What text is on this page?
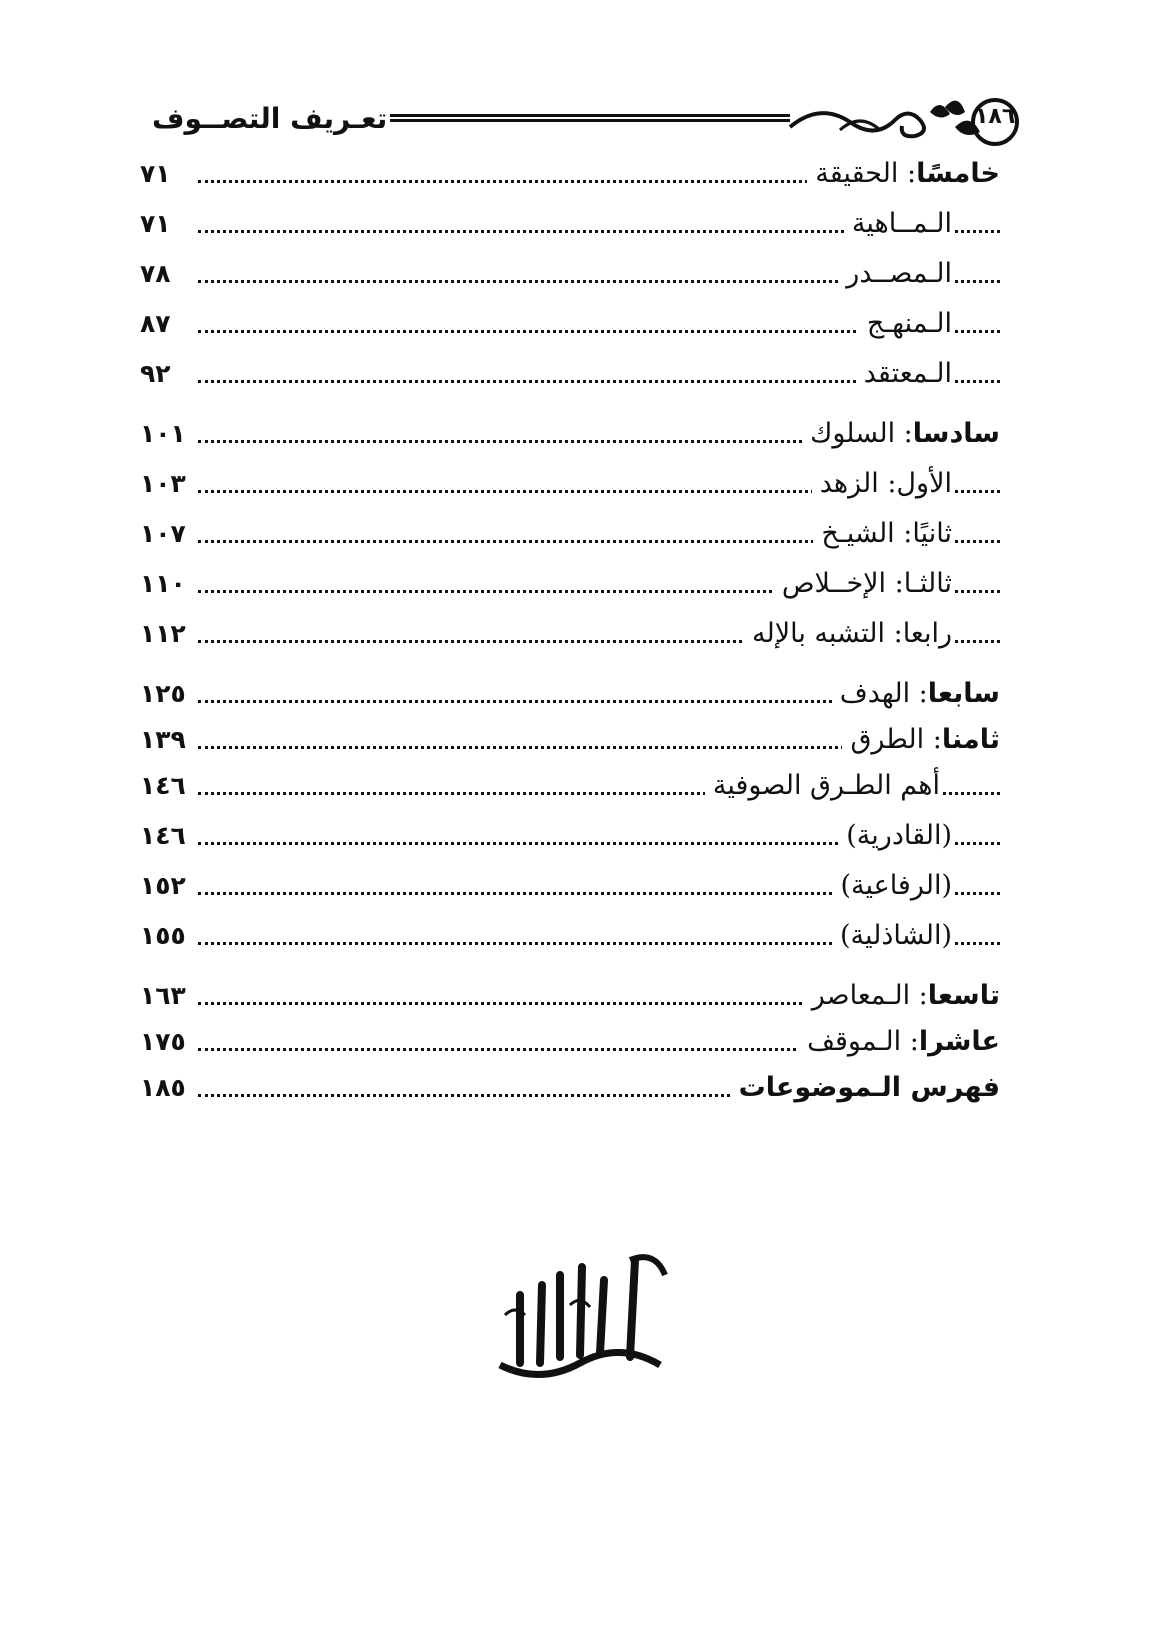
تعـريف التصــوف	١٨٦
خامسًا: الحقيقة
٧١
الـمــاهية
٧١
الـمصــدر
٧٨
الـمنهـج
٨٧
الـمعتقد
٩٢
سادسا: السلوك
١٠١
الأول: الزهد
١٠٣
ثانيًا: الشيـخ
١٠٧
ثالثـا: الإخــلاص
١١٠
رابعا: التشبه بالإله
١١٢
سابعا: الهدف
١٢٥
ثامنا: الطرق
١٣٩
أهم الطـرق الصوفية
١٤٦
(القادرية)
١٤٦
(الرفاعية)
١٥٢
(الشاذلية)
١٥٥
تاسعا: الـمعاصر
١٦٣
عاشرا: الـموقف
١٧٥
فهرس الـموضوعات
١٨٥
